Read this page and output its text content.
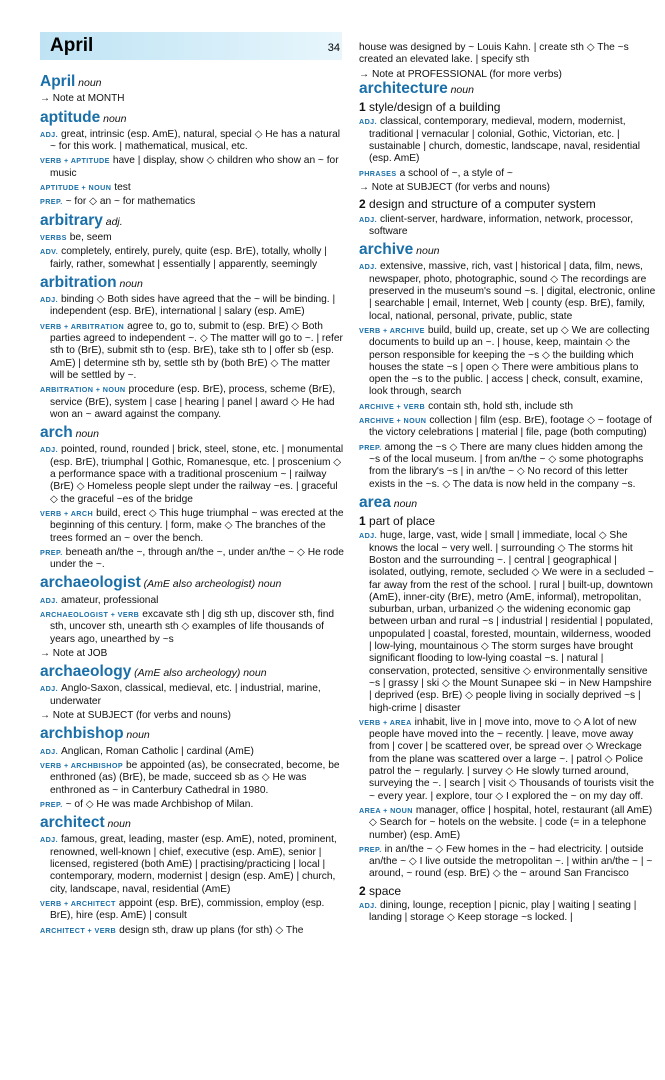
April	34
April noun
→ Note at MONTH
aptitude noun
ADJ. great, intrinsic (esp. AmE), natural, special ◇ He has a natural ~ for this work. | mathematical, musical, etc.
VERB + APTITUDE have | display, show ◇ children who show an ~ for music
APTITUDE + NOUN test
PREP. ~ for ◇ an ~ for mathematics
arbitrary adj.
VERBS be, seem
ADV. completely, entirely, purely, quite (esp. BrE), totally, wholly | fairly, rather, somewhat | essentially | apparently, seemingly
arbitration noun
ADJ. binding ◇ Both sides have agreed that the ~ will be binding. | independent (esp. BrE), international | salary (esp. AmE)
VERB + ARBITRATION agree to, go to, submit to (esp. BrE) ◇ Both parties agreed to independent ~. ◇ The matter will go to ~. | refer sth to (BrE), submit sth to (esp. BrE), take sth to | offer sb (esp. AmE) | determine sth by, settle sth by (both BrE) ◇ The matter will be settled by ~.
ARBITRATION + NOUN procedure (esp. BrE), process, scheme (BrE), service (BrE), system | case | hearing | panel | award ◇ He had won an ~ award against the company.
arch noun
ADJ. pointed, round, rounded | brick, steel, stone, etc. | monumental (esp. BrE), triumphal | Gothic, Romanesque, etc. | proscenium ◇ a performance space with a traditional proscenium ~ | railway (BrE) ◇ Homeless people slept under the railway ~es. | graceful ◇ the graceful ~es of the bridge
VERB + ARCH build, erect ◇ This huge triumphal ~ was erected at the beginning of this century. | form, make ◇ The branches of the trees formed an ~ over the bench.
PREP. beneath an/the ~, through an/the ~, under an/the ~ ◇ He rode under the ~.
archaeologist (AmE also archeologist) noun
ADJ. amateur, professional
ARCHAEOLOGIST + VERB excavate sth | dig sth up, discover sth, find sth, uncover sth, unearth sth ◇ examples of life thousands of years ago, unearthed by ~s
→ Note at JOB
archaeology (AmE also archeology) noun
ADJ. Anglo-Saxon, classical, medieval, etc. | industrial, marine, underwater
→ Note at SUBJECT (for verbs and nouns)
archbishop noun
ADJ. Anglican, Roman Catholic | cardinal (AmE)
VERB + ARCHBISHOP be appointed (as), be consecrated, become, be enthroned (as) (BrE), be made, succeed sb as ◇ He was enthroned as ~ in Canterbury Cathedral in 1980.
PREP. ~ of ◇ He was made Archbishop of Milan.
architect noun
ADJ. famous, great, leading, master (esp. AmE), noted, prominent, renowned, well-known | chief, executive (esp. AmE), senior | licensed, registered (both AmE) | practising/practicing | local | contemporary, modern, modernist | design (esp. AmE) | church, city, landscape, naval, residential (AmE)
VERB + ARCHITECT appoint (esp. BrE), commission, employ (esp. BrE), hire (esp. AmE) | consult
ARCHITECT + VERB design sth, draw up plans (for sth) ◇ The
house was designed by ~ Louis Kahn. | create sth ◇ The ~s created an elevated lake. | specify sth
→ Note at PROFESSIONAL (for more verbs)
architecture noun
1 style/design of a building
ADJ. classical, contemporary, medieval, modern, modernist, traditional | vernacular | colonial, Gothic, Victorian, etc. | sustainable | church, domestic, landscape, naval, residential (esp. AmE)
PHRASES a school of ~, a style of ~
→ Note at SUBJECT (for verbs and nouns)
2 design and structure of a computer system
ADJ. client-server, hardware, information, network, processor, software
archive noun
ADJ. extensive, massive, rich, vast | historical | data, film, news, newspaper, photo, photographic, sound ◇ The recordings are preserved in the museum's sound ~s. | digital, electronic, online | searchable | email, Internet, Web | county (esp. BrE), family, local, national, personal, private, public, state
VERB + ARCHIVE build, build up, create, set up ◇ We are collecting documents to build up an ~. | house, keep, maintain ◇ the person responsible for keeping the ~s ◇ the building which houses the state ~s | open ◇ There were ambitious plans to open the ~s to the public. | access | check, consult, examine, look through, search
ARCHIVE + VERB contain sth, hold sth, include sth
ARCHIVE + NOUN collection | film (esp. BrE), footage ◇ ~ footage of the victory celebrations | material | file, page (both computing)
PREP. among the ~s ◇ There are many clues hidden among the ~s of the local museum. | from an/the ~ ◇ some photographs from the library's ~s | in an/the ~ ◇ No record of this letter exists in the ~s. ◇ The data is now held in the company ~s.
area noun
1 part of place
ADJ. huge, large, vast, wide | small | immediate, local ◇ She knows the local ~ very well. | surrounding ◇ The storms hit Boston and the surrounding ~. | central | geographical | isolated, outlying, remote, secluded ◇ We were in a secluded ~ far away from the rest of the school. | rural | built-up, downtown (AmE), inner-city (BrE), metro (AmE, informal), metropolitan, suburban, urban, urbanized ◇ the widening economic gap between urban and rural ~s | industrial | residential | populated, unpopulated | coastal, forested, mountain, wilderness, wooded | low-lying, mountainous ◇ The storm surges have brought significant flooding to low-lying coastal ~s. | natural | conservation, protected, sensitive ◇ environmentally sensitive ~s | grassy | ski ◇ the Mount Sunapee ski ~ in New Hampshire | deprived (esp. BrE) ◇ people living in socially deprived ~s | high-crime | disaster
VERB + AREA inhabit, live in | move into, move to ◇ A lot of new people have moved into the ~ recently. | leave, move away from | cover | be scattered over, be spread over ◇ Wreckage from the plane was scattered over a large ~. | patrol ◇ Police patrol the ~ regularly. | survey ◇ He slowly turned around, surveying the ~. | search | visit ◇ Thousands of tourists visit the ~ every year. | explore, tour ◇ I explored the ~ on my day off.
AREA + NOUN manager, office | hospital, hotel, restaurant (all AmE) ◇ Search for ~ hotels on the website. | code (= in a telephone number) (esp. AmE)
PREP. in an/the ~ ◇ Few homes in the ~ had electricity. | outside an/the ~ ◇ I live outside the metropolitan ~. | within an/the ~ | ~ around, ~ round (esp. BrE) ◇ the ~ around San Francisco
2 space
ADJ. dining, lounge, reception | picnic, play | waiting | seating | landing | storage ◇ Keep storage ~s locked. |
